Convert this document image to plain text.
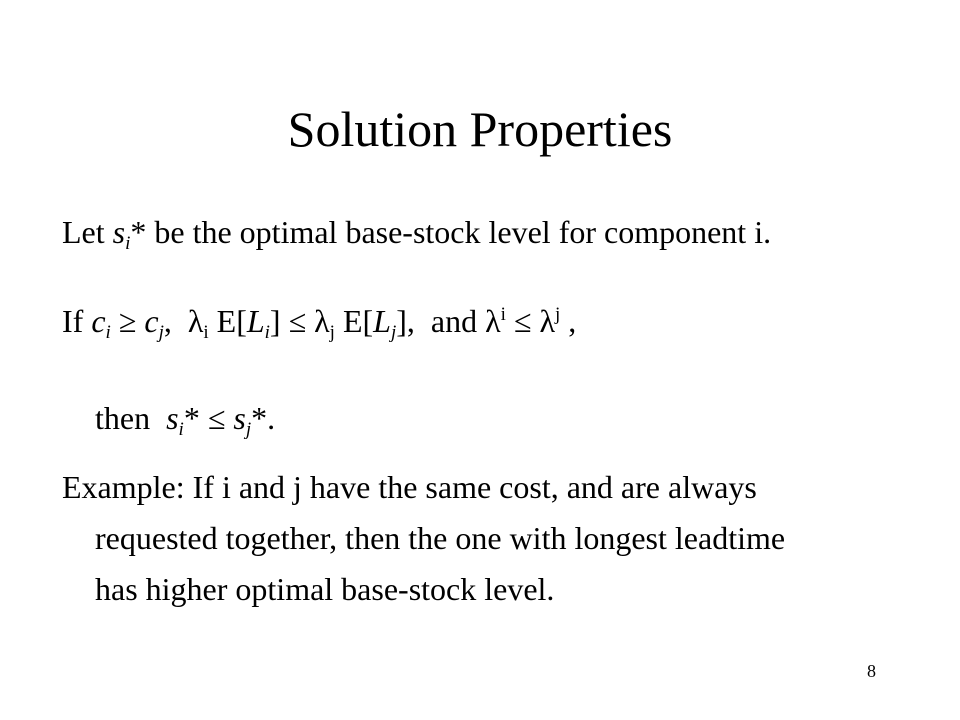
Solution Properties
Let $s_i*$ be the optimal base-stock level for component i.
If $c_i \ge c_j$, $\lambda_i$ $E[L_i] \le \lambda_j$ $E[L_j]$, and $\lambda^i \le \lambda^j$ ,
then $s_i* \le s_j*$.
Example: If i and j have the same cost, and are always
requested together, then the one with longest leadtime
has higher optimal base-stock level.
8
